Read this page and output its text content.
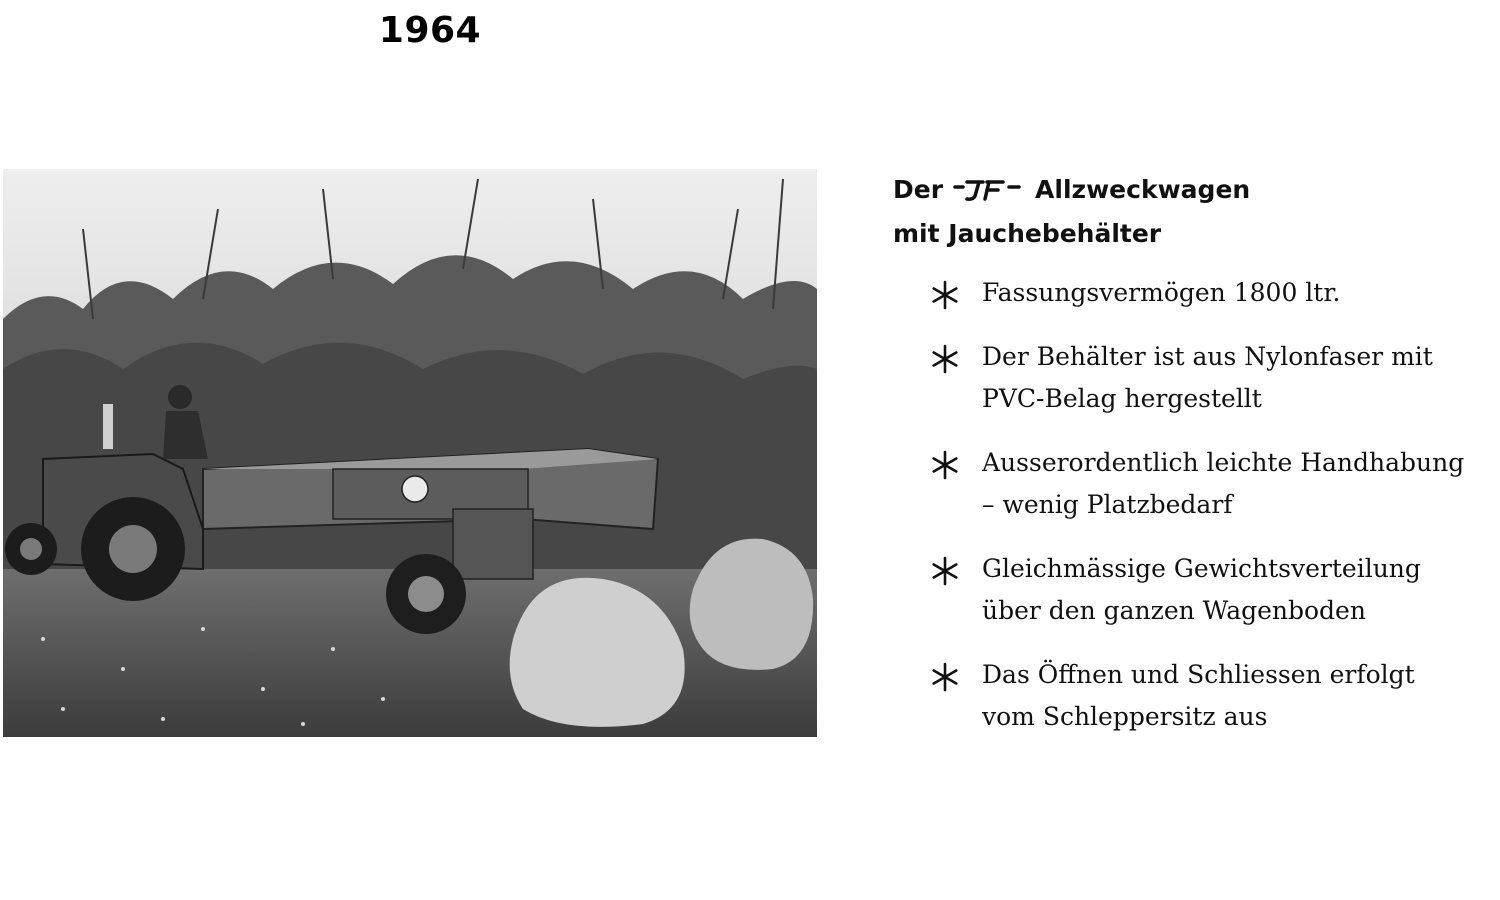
1964
Der	Allzweckwagen
mit Jauchebehälter
Fassungsvermögen 1800 ltr.
Der Behälter ist aus Nylonfaser mit
PVC-Belag hergestellt
Ausserordentlich leichte Handhabung
– wenig Platzbedarf
Gleichmässige Gewichtsverteilung
über den ganzen Wagenboden
Das Öffnen und Schliessen erfolgt
vom Schleppersitz aus
